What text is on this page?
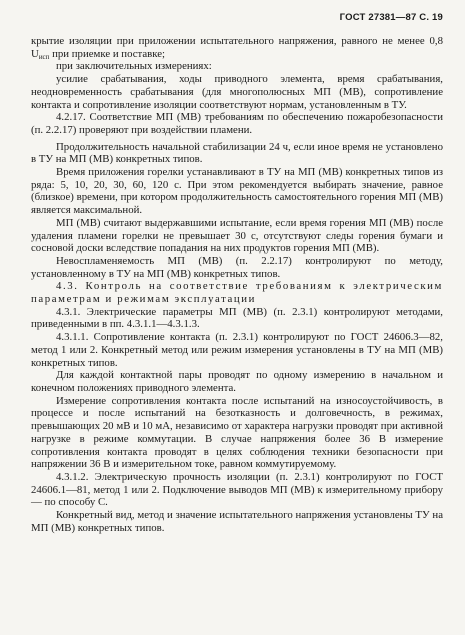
ГОСТ 27381—87 С. 19

крытие изоляции при приложении испытательного напряжения, равного не менее 0,8 $U_{исп}$ при приемке и поставке;

при заключительных измерениях:

усилие срабатывания, ходы приводного элемента, время срабатывания, неодновременность срабатывания (для многополюсных МП (МВ), сопротивление контакта и сопротивление изоляции соответствуют нормам, установленным в ТУ.

4.2.17. Соответствие МП (МВ) требованиям по обеспечению пожаробезопасности (п. 2.2.17) проверяют при воздействии пламени.

Продолжительность начальной стабилизации 24 ч, если иное время не установлено в ТУ на МП (МВ) конкретных типов.

Время приложения горелки устанавливают в ТУ на МП (МВ) конкретных типов из ряда: 5, 10, 20, 30, 60, 120 с. При этом рекомендуется выбирать значение, равное (близкое) времени, при котором продолжительность самостоятельного горения МП (МВ) является максимальной.

МП (МВ) считают выдержавшими испытание, если время горения МП (МВ) после удаления пламени горелки не превышает 30 с, отсутствуют следы горения бумаги и сосновой доски вследствие попадания на них продуктов горения МП (МВ).

Невоспламеняемость МП (МВ) (п. 2.2.17) контролируют по методу, установленному в ТУ на МП (МВ) конкретных типов.

4.3. Контроль на соответствие требованиям к электрическим параметрам и режимам эксплуатации

4.3.1. Электрические параметры МП (МВ) (п. 2.3.1) контролируют методами, приведенными в пп. 4.3.1.1—4.3.1.3.

4.3.1.1. Сопротивление контакта (п. 2.3.1) контролируют по ГОСТ 24606.3—82, метод 1 или 2. Конкретный метод или режим измерения установлены в ТУ на МП (МВ) конкретных типов.

Для каждой контактной пары проводят по одному измерению в начальном и конечном положениях приводного элемента.

Измерение сопротивления контакта после испытаний на износоустойчивость, в процессе и после испытаний на безотказность и долговечность, в режимах, превышающих 20 мВ и 10 мА, независимо от характера нагрузки проводят при активной нагрузке в режиме коммутации. В случае напряжения более 36 В измерение сопротивления контакта проводят в целях соблюдения техники безопасности при напряжении 36 В и измерительном токе, равном коммутируемому.

4.3.1.2. Электрическую прочность изоляции (п. 2.3.1) контролируют по ГОСТ 24606.1—81, метод 1 или 2. Подключение выводов МП (МВ) к измерительному прибору — по способу С.

Конкретный вид, метод и значение испытательного напряжения установлены ТУ на МП (МВ) конкретных типов.
